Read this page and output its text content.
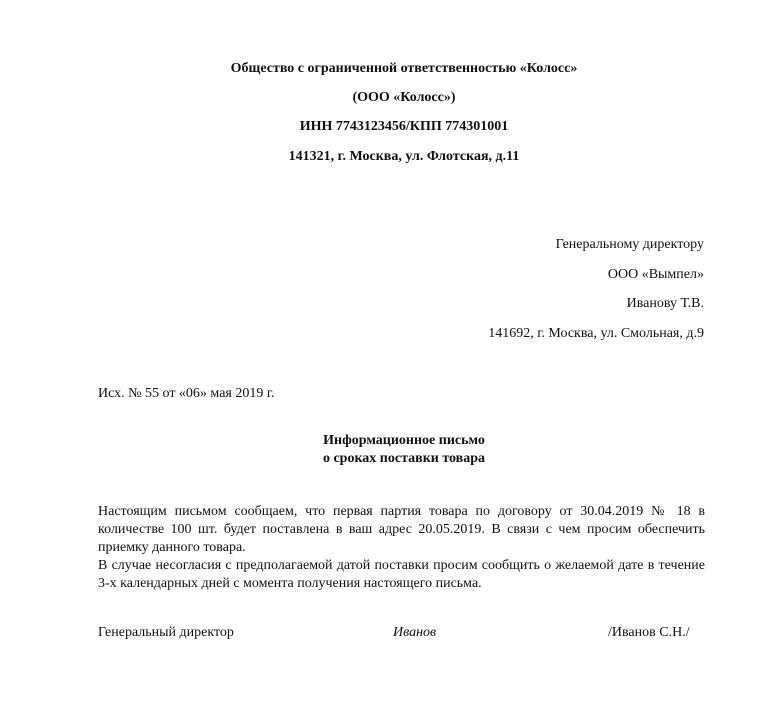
Общество с ограниченной ответственностью «Колосс»
(ООО «Колосс»)
ИНН 7743123456/КПП 774301001
141321, г. Москва, ул. Флотская, д.11
Генеральному директору
ООО «Вымпел»
Иванову Т.В.
141692, г. Москва, ул. Смольная, д.9
Исх. № 55 от «06» мая 2019 г.
Информационное письмо
о сроках поставки товара

Настоящим письмом сообщаем, что первая партия товара по договору от 30.04.2019 № 18 в количестве 100 шт. будет поставлена в ваш адрес 20.05.2019. В связи с чем просим обеспечить приемку данного товара.

В случае несогласия с предполагаемой датой поставки просим сообщить о желаемой дате в течение 3-х календарных дней с момента получения настоящего письма.

Генеральный директор	Иванов	/Иванов С.Н./
